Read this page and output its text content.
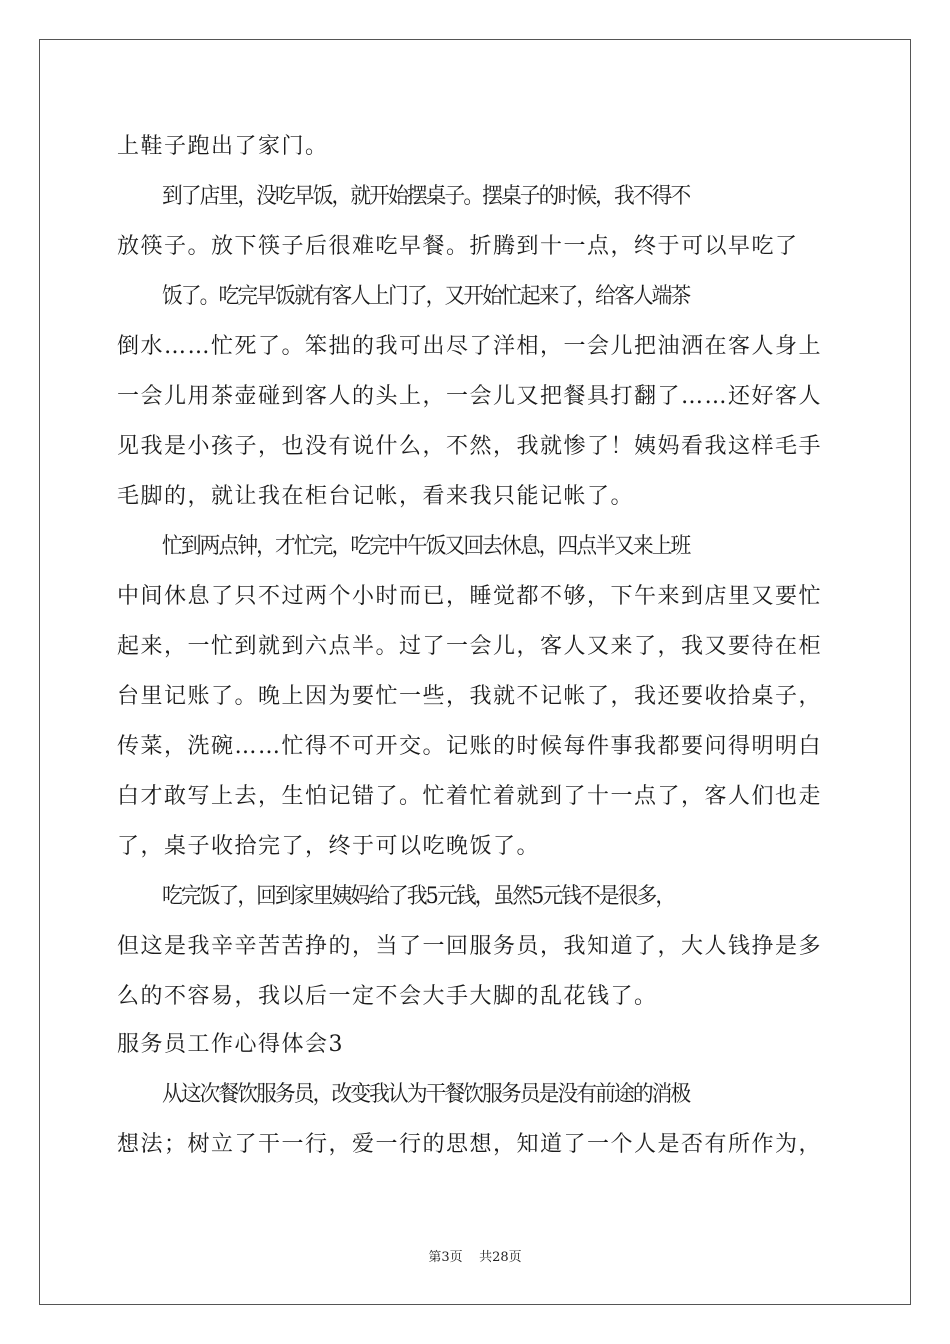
上鞋子跑出了家门。
到了店里，没吃早饭，就开始摆桌子。摆桌子的时候，我不得不
放筷子。放下筷子后很难吃早餐。折腾到十一点，终于可以早吃了
饭了。吃完早饭就有客人上门了，又开始忙起来了，给客人端茶
倒水……忙死了。笨拙的我可出尽了洋相，一会儿把油洒在客人身上
一会儿用茶壶碰到客人的头上，一会儿又把餐具打翻了……还好客人
见我是小孩子，也没有说什么，不然，我就惨了！姨妈看我这样毛手
毛脚的，就让我在柜台记帐，看来我只能记帐了。
忙到两点钟，才忙完，吃完中午饭又回去休息，四点半又来上班
中间休息了只不过两个小时而已，睡觉都不够，下午来到店里又要忙
起来，一忙到就到六点半。过了一会儿，客人又来了，我又要待在柜
台里记账了。晚上因为要忙一些，我就不记帐了，我还要收拾桌子，
传菜，洗碗……忙得不可开交。记账的时候每件事我都要问得明明白
白才敢写上去，生怕记错了。忙着忙着就到了十一点了，客人们也走
了，桌子收拾完了，终于可以吃晚饭了。
吃完饭了，回到家里姨妈给了我5元钱，虽然5元钱不是很多，
但这是我辛辛苦苦挣的，当了一回服务员，我知道了，大人钱挣是多
么的不容易，我以后一定不会大手大脚的乱花钱了。
服务员工作心得体会3
从这次餐饮服务员，改变我认为干餐饮服务员是没有前途的消极
想法；树立了干一行，爱一行的思想，知道了一个人是否有所作为，
第3页 共28页
